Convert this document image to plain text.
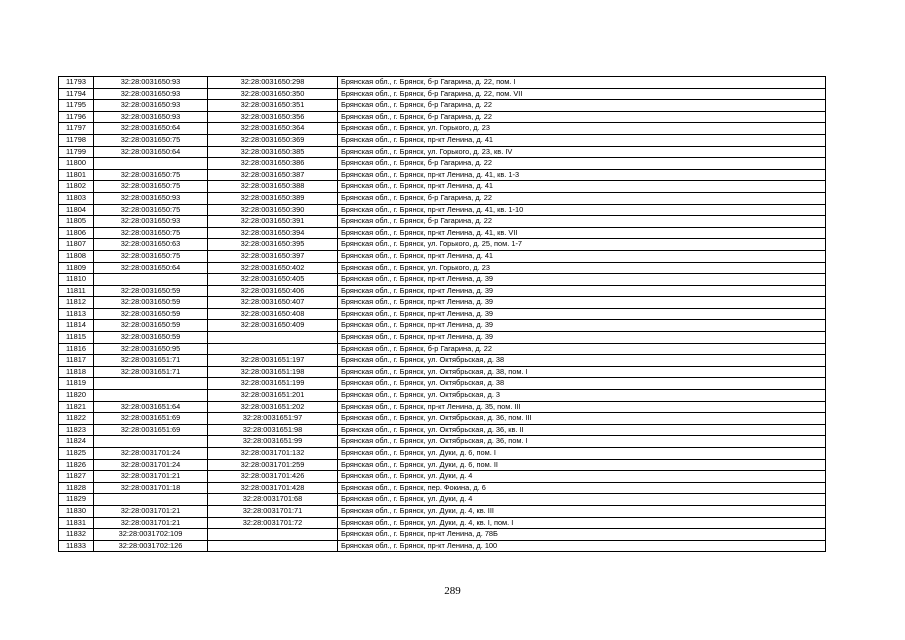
11793	32:28:0031650:93	32:28:0031650:298	Брянская обл., г. Брянск, б-р Гагарина, д. 22, пом. I
11794	32:28:0031650:93	32:28:0031650:350	Брянская обл., г. Брянск, б-р Гагарина, д. 22, пом. VII
11795	32:28:0031650:93	32:28:0031650:351	Брянская обл., г. Брянск, б-р Гагарина, д. 22
11796	32:28:0031650:93	32:28:0031650:356	Брянская обл., г. Брянск, б-р Гагарина, д. 22
11797	32:28:0031650:64	32:28:0031650:364	Брянская обл., г. Брянск, ул. Горького, д. 23
11798	32:28:0031650:75	32:28:0031650:369	Брянская обл., г. Брянск, пр-кт Ленина, д. 41
11799	32:28:0031650:64	32:28:0031650:385	Брянская обл., г. Брянск, ул. Горького, д. 23, кв. IV
11800		32:28:0031650:386	Брянская обл., г. Брянск, б-р Гагарина, д. 22
11801	32:28:0031650:75	32:28:0031650:387	Брянская обл., г. Брянск, пр-кт Ленина, д. 41, кв. 1-3
11802	32:28:0031650:75	32:28:0031650:388	Брянская обл., г. Брянск, пр-кт Ленина, д. 41
11803	32:28:0031650:93	32:28:0031650:389	Брянская обл., г. Брянск, б-р Гагарина, д. 22
11804	32:28:0031650:75	32:28:0031650:390	Брянская обл., г. Брянск, пр-кт Ленина, д. 41, кв. 1-10
11805	32:28:0031650:93	32:28:0031650:391	Брянская обл., г. Брянск, б-р Гагарина, д. 22
11806	32:28:0031650:75	32:28:0031650:394	Брянская обл., г. Брянск, пр-кт Ленина, д. 41, кв. VII
11807	32:28:0031650:63	32:28:0031650:395	Брянская обл., г. Брянск, ул. Горького, д. 25, пом. 1-7
11808	32:28:0031650:75	32:28:0031650:397	Брянская обл., г. Брянск, пр-кт Ленина, д. 41
11809	32:28:0031650:64	32:28:0031650:402	Брянская обл., г. Брянск, ул. Горького, д. 23
11810		32:28:0031650:405	Брянская обл., г. Брянск, пр-кт Ленина, д. 39
11811	32:28:0031650:59	32:28:0031650:406	Брянская обл., г. Брянск, пр-кт Ленина, д. 39
11812	32:28:0031650:59	32:28:0031650:407	Брянская обл., г. Брянск, пр-кт Ленина, д. 39
11813	32:28:0031650:59	32:28:0031650:408	Брянская обл., г. Брянск, пр-кт Ленина, д. 39
11814	32:28:0031650:59	32:28:0031650:409	Брянская обл., г. Брянск, пр-кт Ленина, д. 39
11815	32:28:0031650:59		Брянская обл., г. Брянск, пр-кт Ленина, д. 39
11816	32:28:0031650:95		Брянская обл., г. Брянск, б-р Гагарина, д. 22
11817	32:28:0031651:71	32:28:0031651:197	Брянская обл., г. Брянск, ул. Октябрьская, д. 38
11818	32:28:0031651:71	32:28:0031651:198	Брянская обл., г. Брянск, ул. Октябрьская, д. 38, пом. I
11819		32:28:0031651:199	Брянская обл., г. Брянск, ул. Октябрьская, д. 38
11820		32:28:0031651:201	Брянская обл., г. Брянск, ул. Октябрьская, д. 3
11821	32:28:0031651:64	32:28:0031651:202	Брянская обл., г. Брянск, пр-кт Ленина, д. 35, пом. III
11822	32:28:0031651:69	32:28:0031651:97	Брянская обл., г. Брянск, ул. Октябрьская, д. 36, пом. III
11823	32:28:0031651:69	32:28:0031651:98	Брянская обл., г. Брянск, ул. Октябрьская, д. 36, кв. II
11824		32:28:0031651:99	Брянская обл., г. Брянск, ул. Октябрьская, д. 36, пом. I
11825	32:28:0031701:24	32:28:0031701:132	Брянская обл., г. Брянск, ул. Дуки, д. 6, пом. I
11826	32:28:0031701:24	32:28:0031701:259	Брянская обл., г. Брянск, ул. Дуки, д. 6, пом. II
11827	32:28:0031701:21	32:28:0031701:426	Брянская обл., г. Брянск, ул. Дуки, д. 4
11828	32:28:0031701:18	32:28:0031701:428	Брянская обл., г. Брянск, пер. Фокина, д. 6
11829		32:28:0031701:68	Брянская обл., г. Брянск, ул. Дуки, д. 4
11830	32:28:0031701:21	32:28:0031701:71	Брянская обл., г. Брянск, ул. Дуки, д. 4, кв. III
11831	32:28:0031701:21	32:28:0031701:72	Брянская обл., г. Брянск, ул. Дуки, д. 4, кв. I, пом. I
11832	32:28:0031702:109		Брянская обл., г. Брянск, пр-кт Ленина, д. 78Б
11833	32:28:0031702:126		Брянская обл., г. Брянск, пр-кт Ленина, д. 100
289
